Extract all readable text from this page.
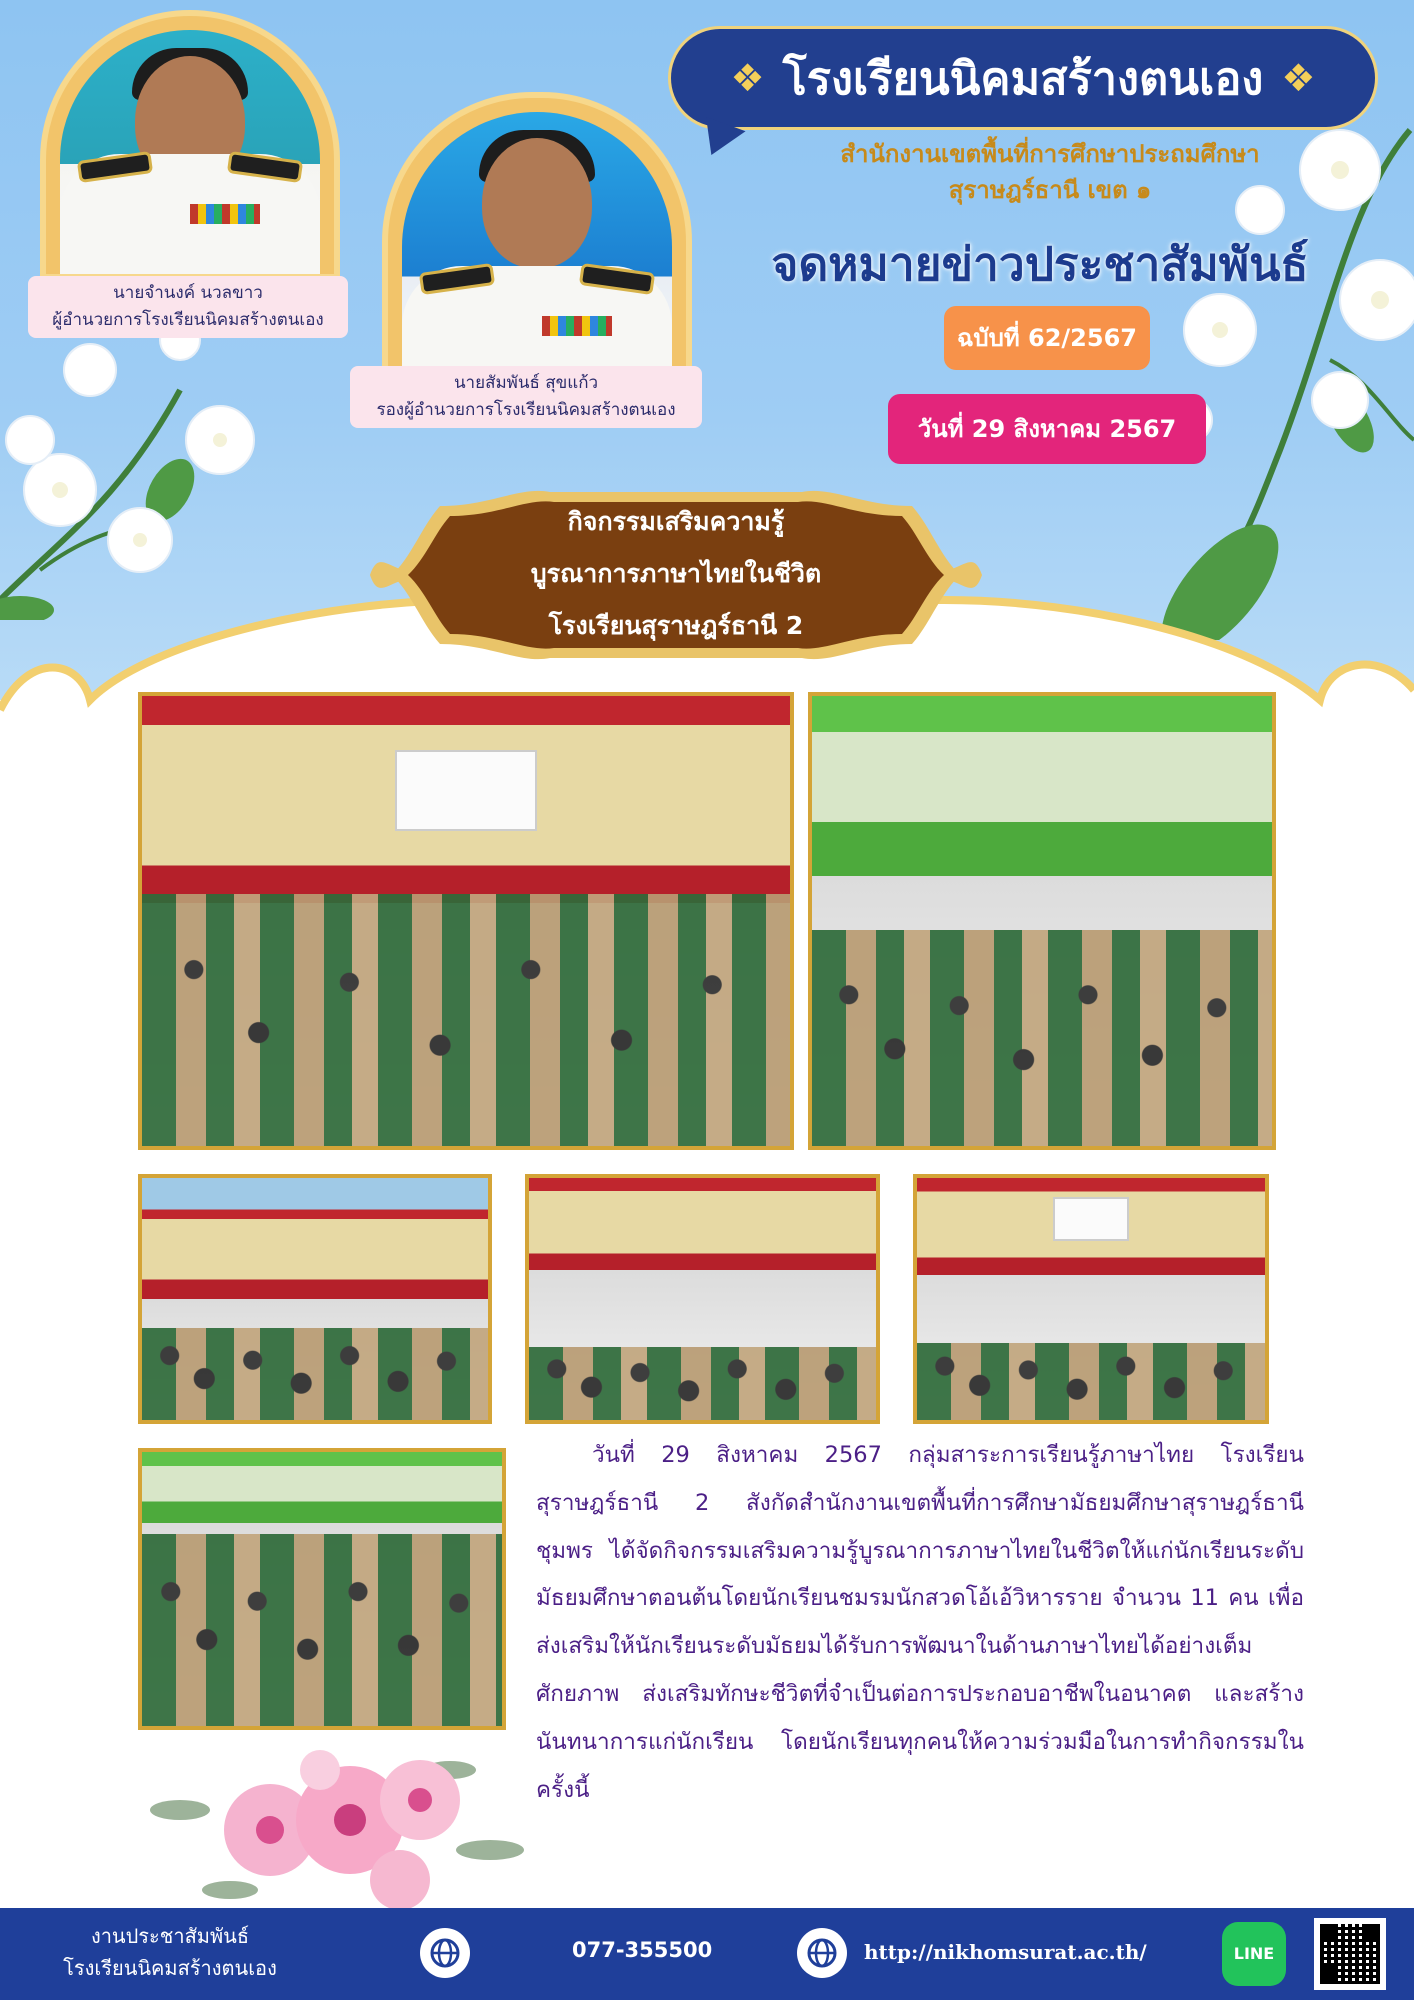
นายจำนงค์ นวลขาว
ผู้อำนวยการโรงเรียนนิคมสร้างตนเอง
นายสัมพันธ์ สุขแก้ว
รองผู้อำนวยการโรงเรียนนิคมสร้างตนเอง
❖ โรงเรียนนิคมสร้างตนเอง ❖
สำนักงานเขตพื้นที่การศึกษาประถมศึกษา
สุราษฎร์ธานี เขต ๑
จดหมายข่าวประชาสัมพันธ์
ฉบับที่ 62/2567
วันที่ 29 สิงหาคม 2567
กิจกรรมเสริมความรู้
บูรณาการภาษาไทยในชีวิต
โรงเรียนสุราษฎร์ธานี 2
วันที่ 29 สิงหาคม 2567 กลุ่มสาระการเรียนรู้ภาษาไทย โรงเรียนสุราษฎร์ธานี 2 สังกัดสำนักงานเขตพื้นที่การศึกษามัธยมศึกษาสุราษฎร์ธานี ชุมพร ได้จัดกิจกรรมเสริมความรู้บูรณาการภาษาไทยในชีวิตให้แก่นักเรียนระดับมัธยมศึกษาตอนต้นโดยนักเรียนชมรมนักสวดโอ้เอ้วิหารราย จำนวน 11 คน เพื่อส่งเสริมให้นักเรียนระดับมัธยมได้รับการพัฒนาในด้านภาษาไทยได้อย่างเต็มศักยภาพ ส่งเสริมทักษะชีวิตที่จำเป็นต่อการประกอบอาชีพในอนาคต และสร้างนันทนาการแก่นักเรียน โดยนักเรียนทุกคนให้ความร่วมมือในการทำกิจกรรมในครั้งนี้
งานประชาสัมพันธ์
โรงเรียนนิคมสร้างตนเอง
077-355500	http://nikhomsurat.ac.th/	LINE
